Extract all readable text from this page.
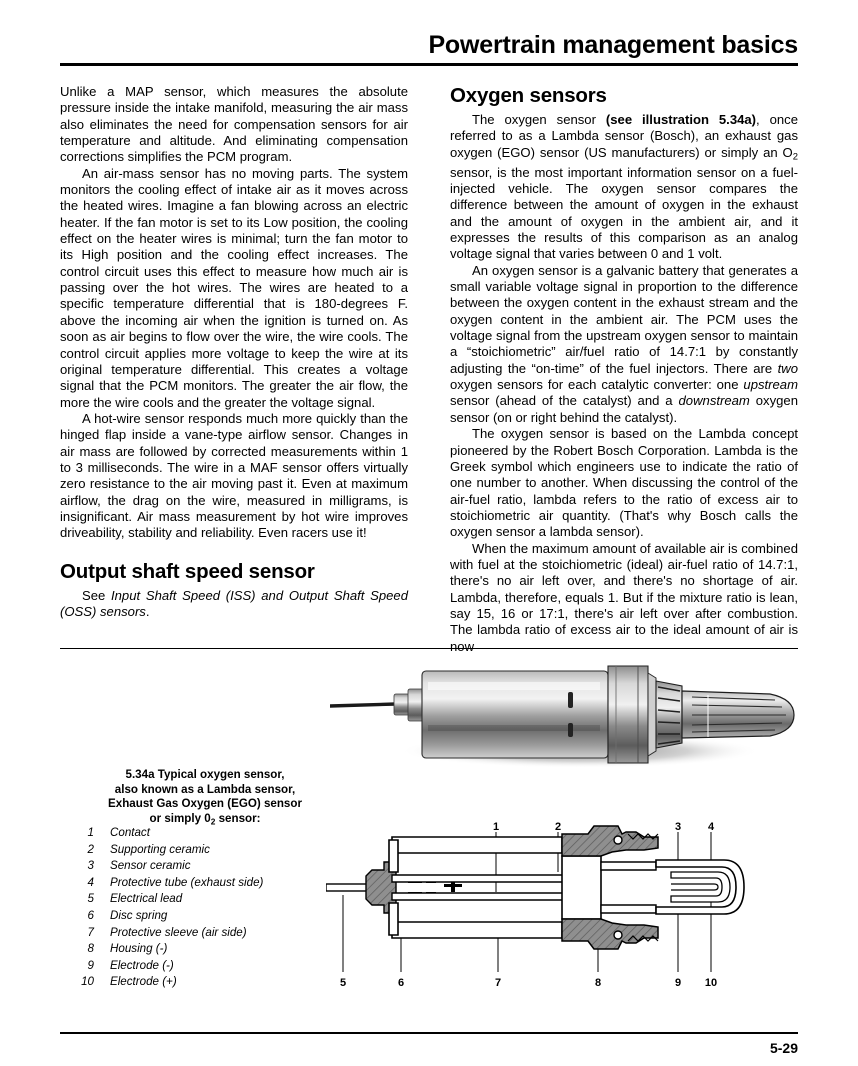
Powertrain management basics

Unlike a MAP sensor, which measures the absolute pressure inside the intake manifold, measuring the air mass also eliminates the need for compensation sensors for air temperature and altitude. And eliminating compensation corrections simplifies the PCM program.

An air-mass sensor has no moving parts. The system monitors the cooling effect of intake air as it moves across the heated wires. Imagine a fan blowing across an electric heater. If the fan motor is set to its Low position, the cooling effect on the heater wires is minimal; turn the fan motor to its High position and the cooling effect increases. The control circuit uses this effect to measure how much air is passing over the hot wires. The wires are heated to a specific temperature differential that is 180-degrees F. above the incoming air when the ignition is turned on. As soon as air begins to flow over the wire, the wire cools. The control circuit applies more voltage to keep the wire at its original temperature differential. This creates a voltage signal that the PCM monitors. The greater the air flow, the more the wire cools and the greater the voltage signal.

A hot-wire sensor responds much more quickly than the hinged flap inside a vane-type airflow sensor. Changes in air mass are followed by corrected measurements within 1 to 3 milliseconds. The wire in a MAF sensor offers virtually zero resistance to the air moving past it. Even at maximum airflow, the drag on the wire, measured in milligrams, is insignificant. Air mass measurement by hot wire improves driveability, stability and reliability. Even racers use it!

Output shaft speed sensor

See Input Shaft Speed (ISS) and Output Shaft Speed (OSS) sensors.

Oxygen sensors

The oxygen sensor (see illustration 5.34a), once referred to as a Lambda sensor (Bosch), an exhaust gas oxygen (EGO) sensor (US manufacturers) or simply an $O_2$ sensor, is the most important information sensor on a fuel-injected vehicle. The oxygen sensor compares the difference between the amount of oxygen in the exhaust and the amount of oxygen in the ambient air, and it expresses the results of this comparison as an analog voltage signal that varies between 0 and 1 volt.

An oxygen sensor is a galvanic battery that generates a small variable voltage signal in proportion to the difference between the oxygen content in the exhaust stream and the oxygen content in the ambient air. The PCM uses the voltage signal from the upstream oxygen sensor to maintain a “stoichiometric” air/fuel ratio of 14.7:1 by constantly adjusting the “on-time” of the fuel injectors. There are two oxygen sensors for each catalytic converter: one upstream sensor (ahead of the catalyst) and a downstream oxygen sensor (on or right behind the catalyst).

The oxygen sensor is based on the Lambda concept pioneered by the Robert Bosch Corporation. Lambda is the Greek symbol which engineers use to indicate the ratio of one number to another. When discussing the control of the air-fuel ratio, lambda refers to the ratio of excess air to stoichiometric air quantity. (That's why Bosch calls the oxygen sensor a lambda sensor).

When the maximum amount of available air is combined with fuel at the stoichiometric (ideal) air-fuel ratio of 14.7:1, there's no air left over, and there's no shortage of air. Lambda, therefore, equals 1. But if the mixture ratio is lean, say 15, 16 or 17:1, there's air left over after combustion. The lambda ratio of excess air to the ideal amount of air is now

5.34a Typical oxygen sensor,
also known as a Lambda sensor,
Exhaust Gas Oxygen (EGO) sensor
or simply $0_2$ sensor:
1	Contact
2	Supporting ceramic
3	Sensor ceramic
4	Protective tube (exhaust side)
5	Electrical lead
6	Disc spring
7	Protective sleeve (air side)
8	Housing (-)
9	Electrode (-)
10	Electrode (+)
1	2	3 4
5	6	7	8	9 10
5-29
